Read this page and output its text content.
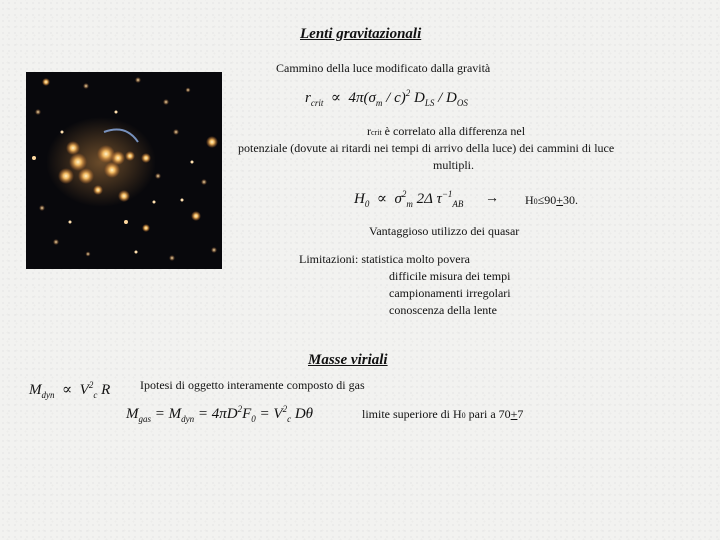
Lenti gravitazionali
Cammino della luce modificato dalla gravità
$r_{crit} \propto 4\pi(\sigma_m / c)^2$ $D_{LS} / D_{OS}$
rcrit è correlato alla differenza nel
potenziale (dovute ai ritardi nei tempi di arrivo della luce) dei cammini di luce
multipli.
$H_0 \propto \sigma^2_m$ 2Δ $\tau^{-1}_{AB} \to H0\le 90+30$.
Vantaggioso utilizzo dei quasar
Limitazioni: statistica molto povera
difficile misura dei tempi
campionamenti irregolari
conoscenza della lente
Masse viriali
$M_{dyn} \propto V^2_c$ R Ipotesi di oggetto interamente composto di gas
$M_{gas} = M_{dyn} = 4\pi D^2F_0 = V^2_c$ Dθ	limite superiore di H0 pari a 70+7
